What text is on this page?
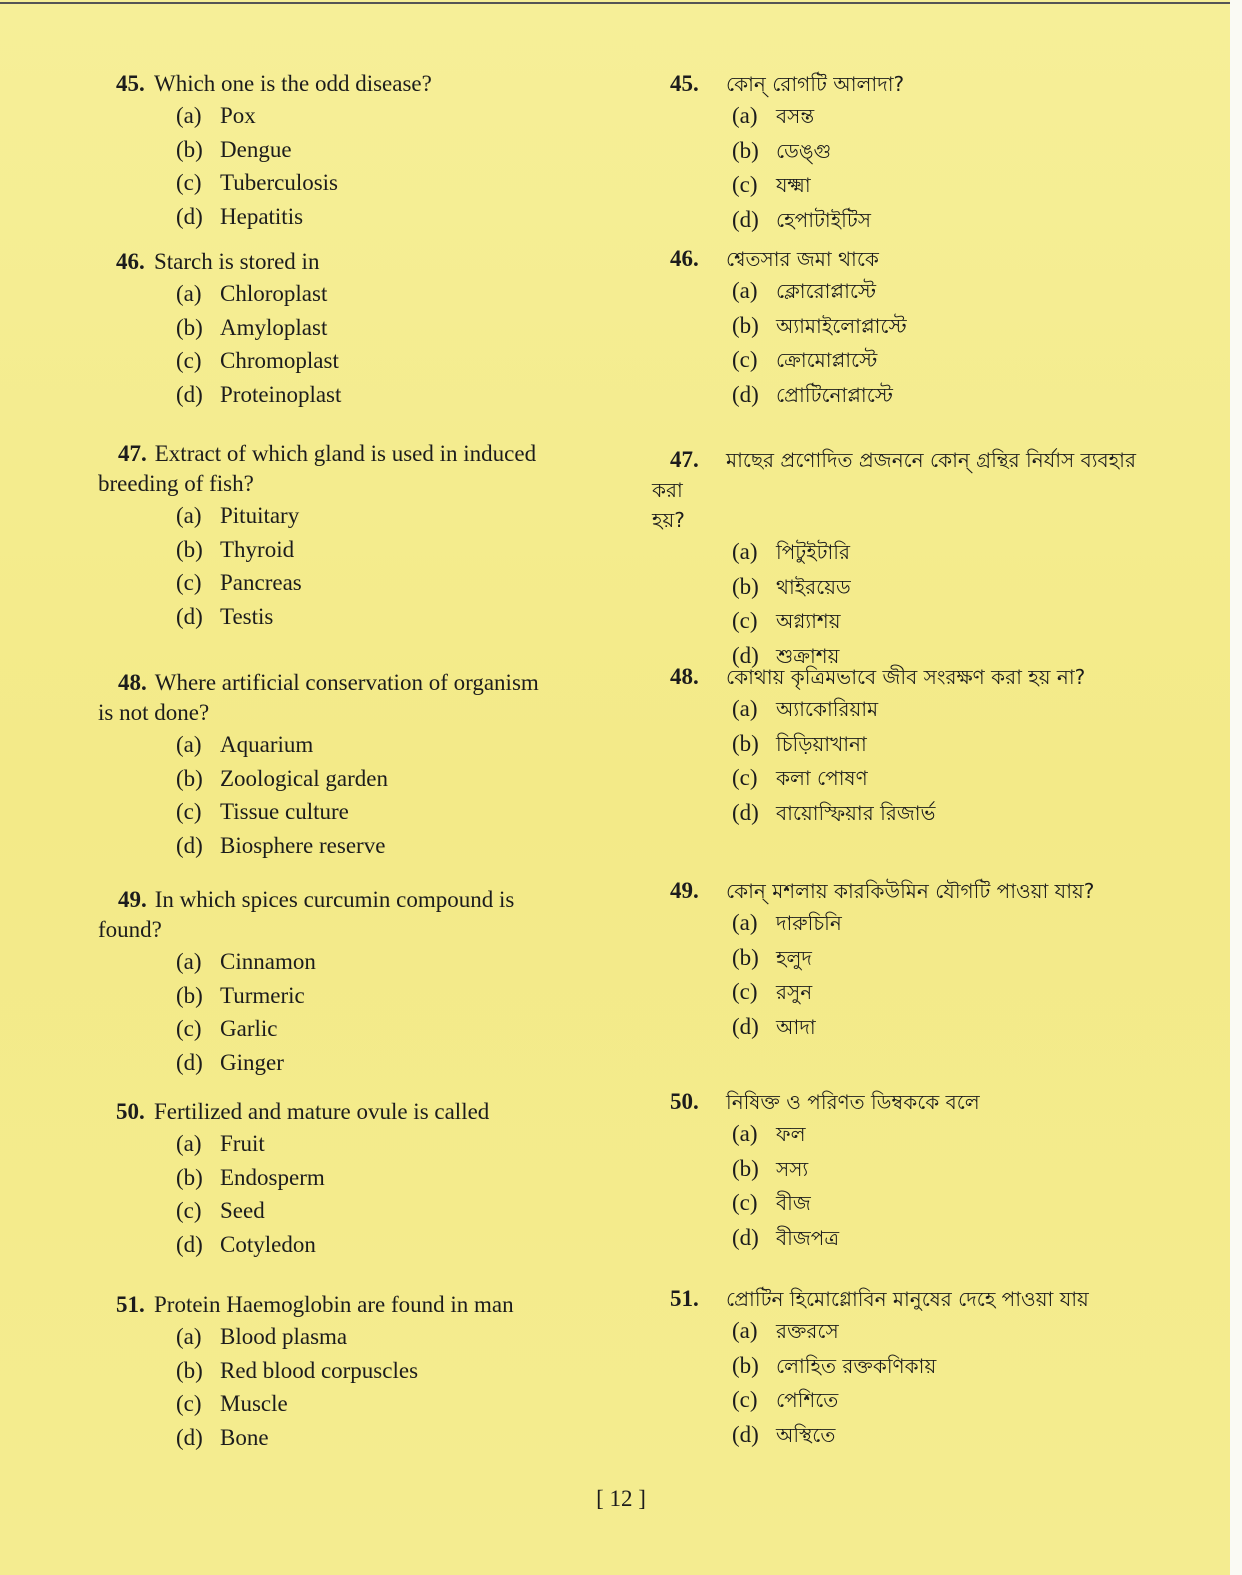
45. Which one is the odd disease?
(a) Pox
(b) Dengue
(c) Tuberculosis
(d) Hepatitis
46. Starch is stored in
(a) Chloroplast
(b) Amyloplast
(c) Chromoplast
(d) Proteinoplast
47. Extract of which gland is used in induced
breeding of fish?
(a) Pituitary
(b) Thyroid
(c) Pancreas
(d) Testis
48. Where artificial conservation of organism
is not done?
(a) Aquarium
(b) Zoological garden
(c) Tissue culture
(d) Biosphere reserve
49. In which spices curcumin compound is
found?
(a) Cinnamon
(b) Turmeric
(c) Garlic
(d) Ginger
50. Fertilized and mature ovule is called
(a) Fruit
(b) Endosperm
(c) Seed
(d) Cotyledon
51. Protein Haemoglobin are found in man
(a) Blood plasma
(b) Red blood corpuscles
(c) Muscle
(d) Bone
45. কোন্ রোগটি আলাদা?
(a) বসন্ত
(b) ডেঙ্গু
(c) যক্ষ্মা
(d) হেপাটাইটিস
46. শ্বেতসার জমা থাকে
(a) ক্লোরোপ্লাস্টে
(b) অ্যামাইলোপ্লাস্টে
(c) ক্রোমোপ্লাস্টে
(d) প্রোটিনোপ্লাস্টে
47. মাছের প্রণোদিত প্রজননে কোন্ গ্রন্থির নির্যাস ব্যবহার করা
হয়?
(a) পিটুইটারি
(b) থাইরয়েড
(c) অগ্ন্যাশয়
(d) শুক্রাশয়
48. কোথায় কৃত্রিমভাবে জীব সংরক্ষণ করা হয় না?
(a) অ্যাকোরিয়াম
(b) চিড়িয়াখানা
(c) কলা পোষণ
(d) বায়োস্ফিয়ার রিজার্ভ
49. কোন্ মশলায় কারকিউমিন যৌগটি পাওয়া যায়?
(a) দারুচিনি
(b) হলুদ
(c) রসুন
(d) আদা
50. নিষিক্ত ও পরিণত ডিম্বককে বলে
(a) ফল
(b) সস্য
(c) বীজ
(d) বীজপত্র
51. প্রোটিন হিমোগ্লোবিন মানুষের দেহে পাওয়া যায়
(a) রক্তরসে
(b) লোহিত রক্তকণিকায়
(c) পেশিতে
(d) অস্থিতে
[ 12 ]
